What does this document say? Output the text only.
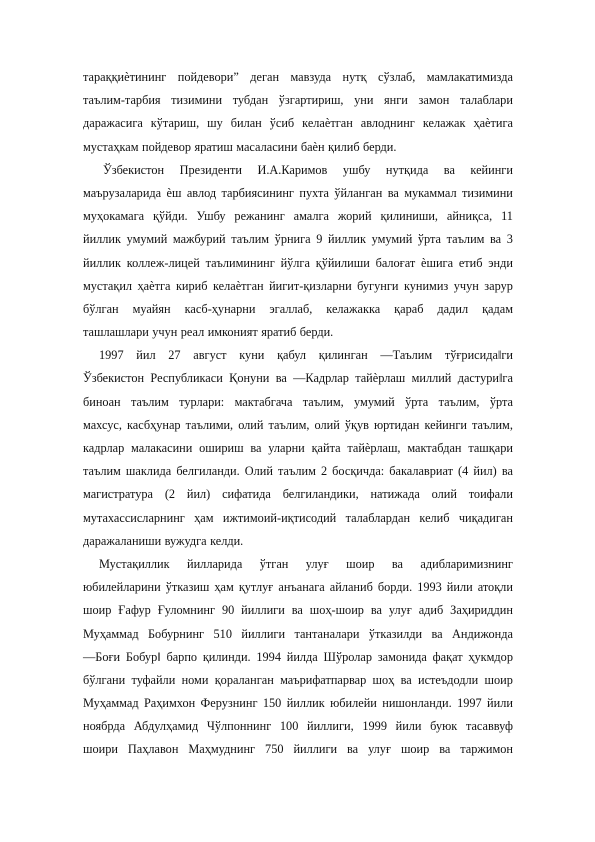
тараққиѐтининг пойдевори” деган мавзуда нутқ сўзлаб, мамлакатимизда
таълим-тарбия тизимини тубдан ўзгартириш, уни янги замон талаблари
даражасига кўтариш, шу билан ўсиб келаѐтган авлоднинг келажак ҳаѐтига
мустаҳкам пойдевор яратиш масаласини баѐн қилиб берди.
Ўзбекистон Президенти И.А.Каримов ушбу нутқида ва кейинги
маърузаларида ѐш авлод тарбиясининг пухта ўйланган ва мукаммал тизимини
муҳокамага қўйди. Ушбу режанинг амалга жорий қилиниши, айниқса, 11
йиллик умумий мажбурий таълим ўрнига 9 йиллик умумий ўрта таълим ва 3
йиллик коллеж-лицей таълимининг йўлга қўйилиши балоғат ѐшига етиб энди
мустақил ҳаѐтга кириб келаѐтган йигит-қизларни бугунги кунимиз учун зарур
бўлган муайян касб-ҳунарни эгаллаб, келажакка қараб дадил қадам
ташлашлари учун реал имконият яратиб берди.
1997 йил 27 август куни қабул қилинган ―Таълим тўғрисидаǁги
Ўзбекистон Республикаси Қонуни ва ―Кадрлар тайѐрлаш миллий дастуриǁга
биноан таълим турлари: мактабгача таълим, умумий ўрта таълим, ўрта
махсус, касбҳунар таълими, олий таълим, олий ўқув юртидан кейинги таълим,
кадрлар малакасини ошириш ва уларни қайта тайѐрлаш, мактабдан ташқари
таълим шаклида белгиланди. Олий таълим 2 босқичда: бакалавриат (4 йил) ва
магистратура (2 йил) сифатида белгиландики, натижада олий тоифали
мутахассисларнинг ҳам ижтимоий-иқтисодий талаблардан келиб чиқадиган
даражаланиши вужудга келди.
Мустақиллик йилларида ўтган улуғ шоир ва адибларимизнинг
юбилейларини ўтказиш ҳам қутлуғ анъанага айланиб борди. 1993 йили атоқли
шоир Ғафур Ғуломнинг 90 йиллиги ва шоҳ-шоир ва улуғ адиб Заҳириддин
Муҳаммад Бобурнинг 510 йиллиги тантаналари ўтказилди ва Андижонда
―Боғи Бобурǁ барпо қилинди. 1994 йилда Шўролар замонида фақат ҳукмдор
бўлгани туфайли номи қораланган маърифатпарвар шоҳ ва истеъдодли шоир
Муҳаммад Раҳимхон Ферузнинг 150 йиллик юбилейи нишонланди. 1997 йили
ноябрда Абдулҳамид Чўлпоннинг 100 йиллиги, 1999 йили буюк тасаввуф
шоири Паҳлавон Маҳмуднинг 750 йиллиги ва улуғ шоир ва таржимон
